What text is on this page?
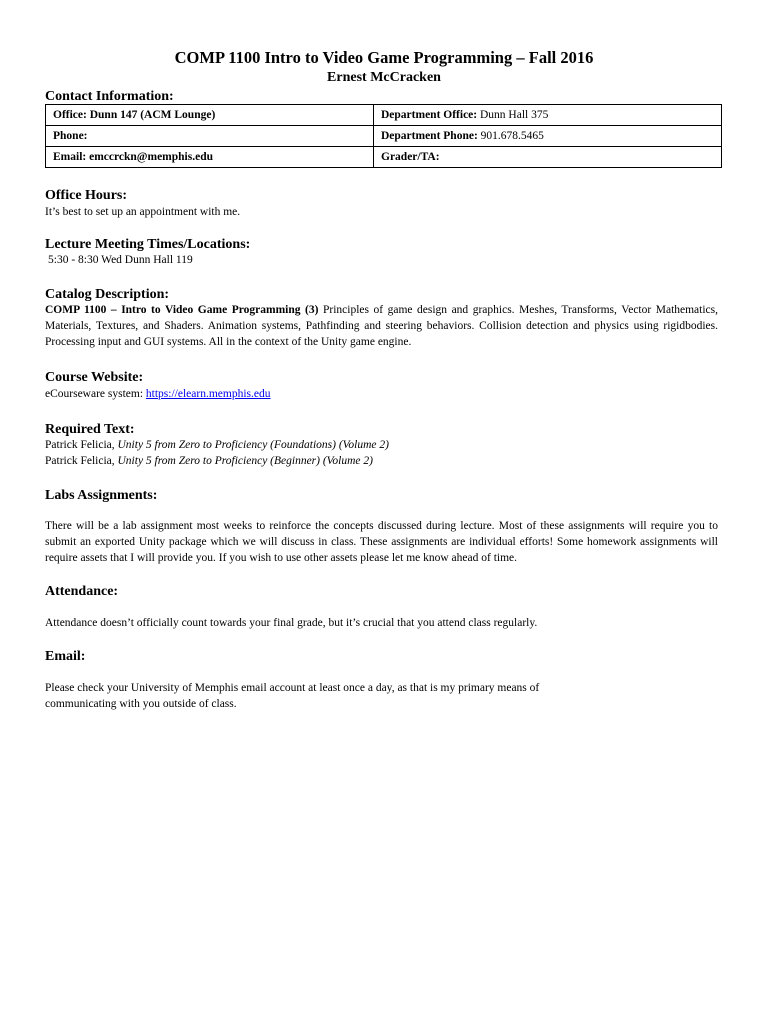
COMP 1100 Intro to Video Game Programming – Fall 2016
Ernest McCracken
Contact Information:
Office: Dunn 147 (ACM Lounge)	Department Office: Dunn Hall 375
Phone:	Department Phone: 901.678.5465
Email: emccrckn@memphis.edu	Grader/TA:
Office Hours:

It’s best to set up an appointment with me.

Lecture Meeting Times/Locations:

5:30 - 8:30 Wed Dunn Hall 119

Catalog Description:

COMP 1100 – Intro to Video Game Programming (3) Principles of game design and graphics. Meshes, Transforms, Vector Mathematics, Materials, Textures, and Shaders. Animation systems, Pathfinding and steering behaviors. Collision detection and physics using rigidbodies. Processing input and GUI systems. All in the context of the Unity game engine.

Course Website:

eCourseware system: https://elearn.memphis.edu

Required Text:

Patrick Felicia, Unity 5 from Zero to Proficiency (Foundations) (Volume 2)

Patrick Felicia, Unity 5 from Zero to Proficiency (Beginner) (Volume 2)

Labs Assignments:

There will be a lab assignment most weeks to reinforce the concepts discussed during lecture. Most of these assignments will require you to submit an exported Unity package which we will discuss in class. These assignments are individual efforts! Some homework assignments will require assets that I will provide you. If you wish to use other assets please let me know ahead of time.

Attendance:

Attendance doesn’t officially count towards your final grade, but it’s crucial that you attend class regularly.

Email:

Please check your University of Memphis email account at least once a day, as that is my primary means of

communicating with you outside of class.
